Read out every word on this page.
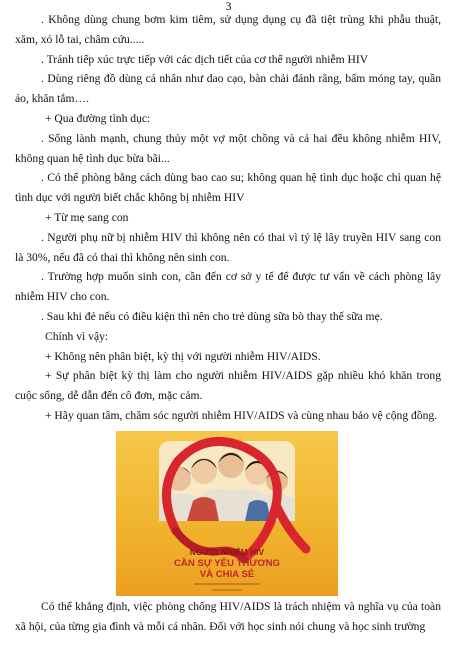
3

. Không dùng chung bơm kim tiêm, sử dụng dụng cụ đã tiệt trùng khi phẫu thuật, xăm, xỏ lỗ tai, châm cứu.....

. Tránh tiếp xúc trực tiếp với các dịch tiết của cơ thể người nhiễm HIV

. Dùng riêng đồ dùng cá nhân như dao cạo, bàn chải đánh răng, bấm móng tay, quần áo, khăn tắm….

+ Qua đường tình dục:

. Sống lành mạnh, chung thủy một vợ một chồng và cả hai đều không nhiễm HIV, không quan hệ tình dục bừa bãi...

. Có thể phòng bằng cách dùng bao cao su; không quan hệ tình dục hoặc chỉ quan hệ tình dục với người biết chắc không bị nhiễm HIV

+ Từ mẹ sang con

. Người phụ nữ bị nhiễm HIV thì không nên có thai vì tỷ lệ lây truyền HIV sang con là 30%, nếu đã có thai thì không nên sinh con.

. Trường hợp muốn sinh con, cần đến cơ sở y tế để được tư vấn về cách phòng lây nhiễm HIV cho con.

. Sau khi đẻ nếu có điều kiện thì nên cho trẻ dùng sữa bò thay thế sữa mẹ.

Chính vì vậy:

+ Không nên phân biệt, kỳ thị với người nhiễm HIV/AIDS.

+ Sự phân biệt kỳ thị làm cho người nhiễm HIV/AIDS gặp nhiều khó khăn trong cuộc sống, dễ dẫn đến cô đơn, mặc cảm.

+ Hãy quan tâm, chăm sóc người nhiễm HIV/AIDS và cùng nhau bảo vệ cộng đồng.

NGƯỜI NHIỄM HIV
CẦN SỰ YÊU THƯƠNG
VÀ CHIA SẺ

Có thể khẳng định, việc phòng chống HIV/AIDS là trách nhiệm và nghĩa vụ của toàn xã hội, của từng gia đình và mỗi cá nhân. Đối với học sinh nói chung và học sinh trường
